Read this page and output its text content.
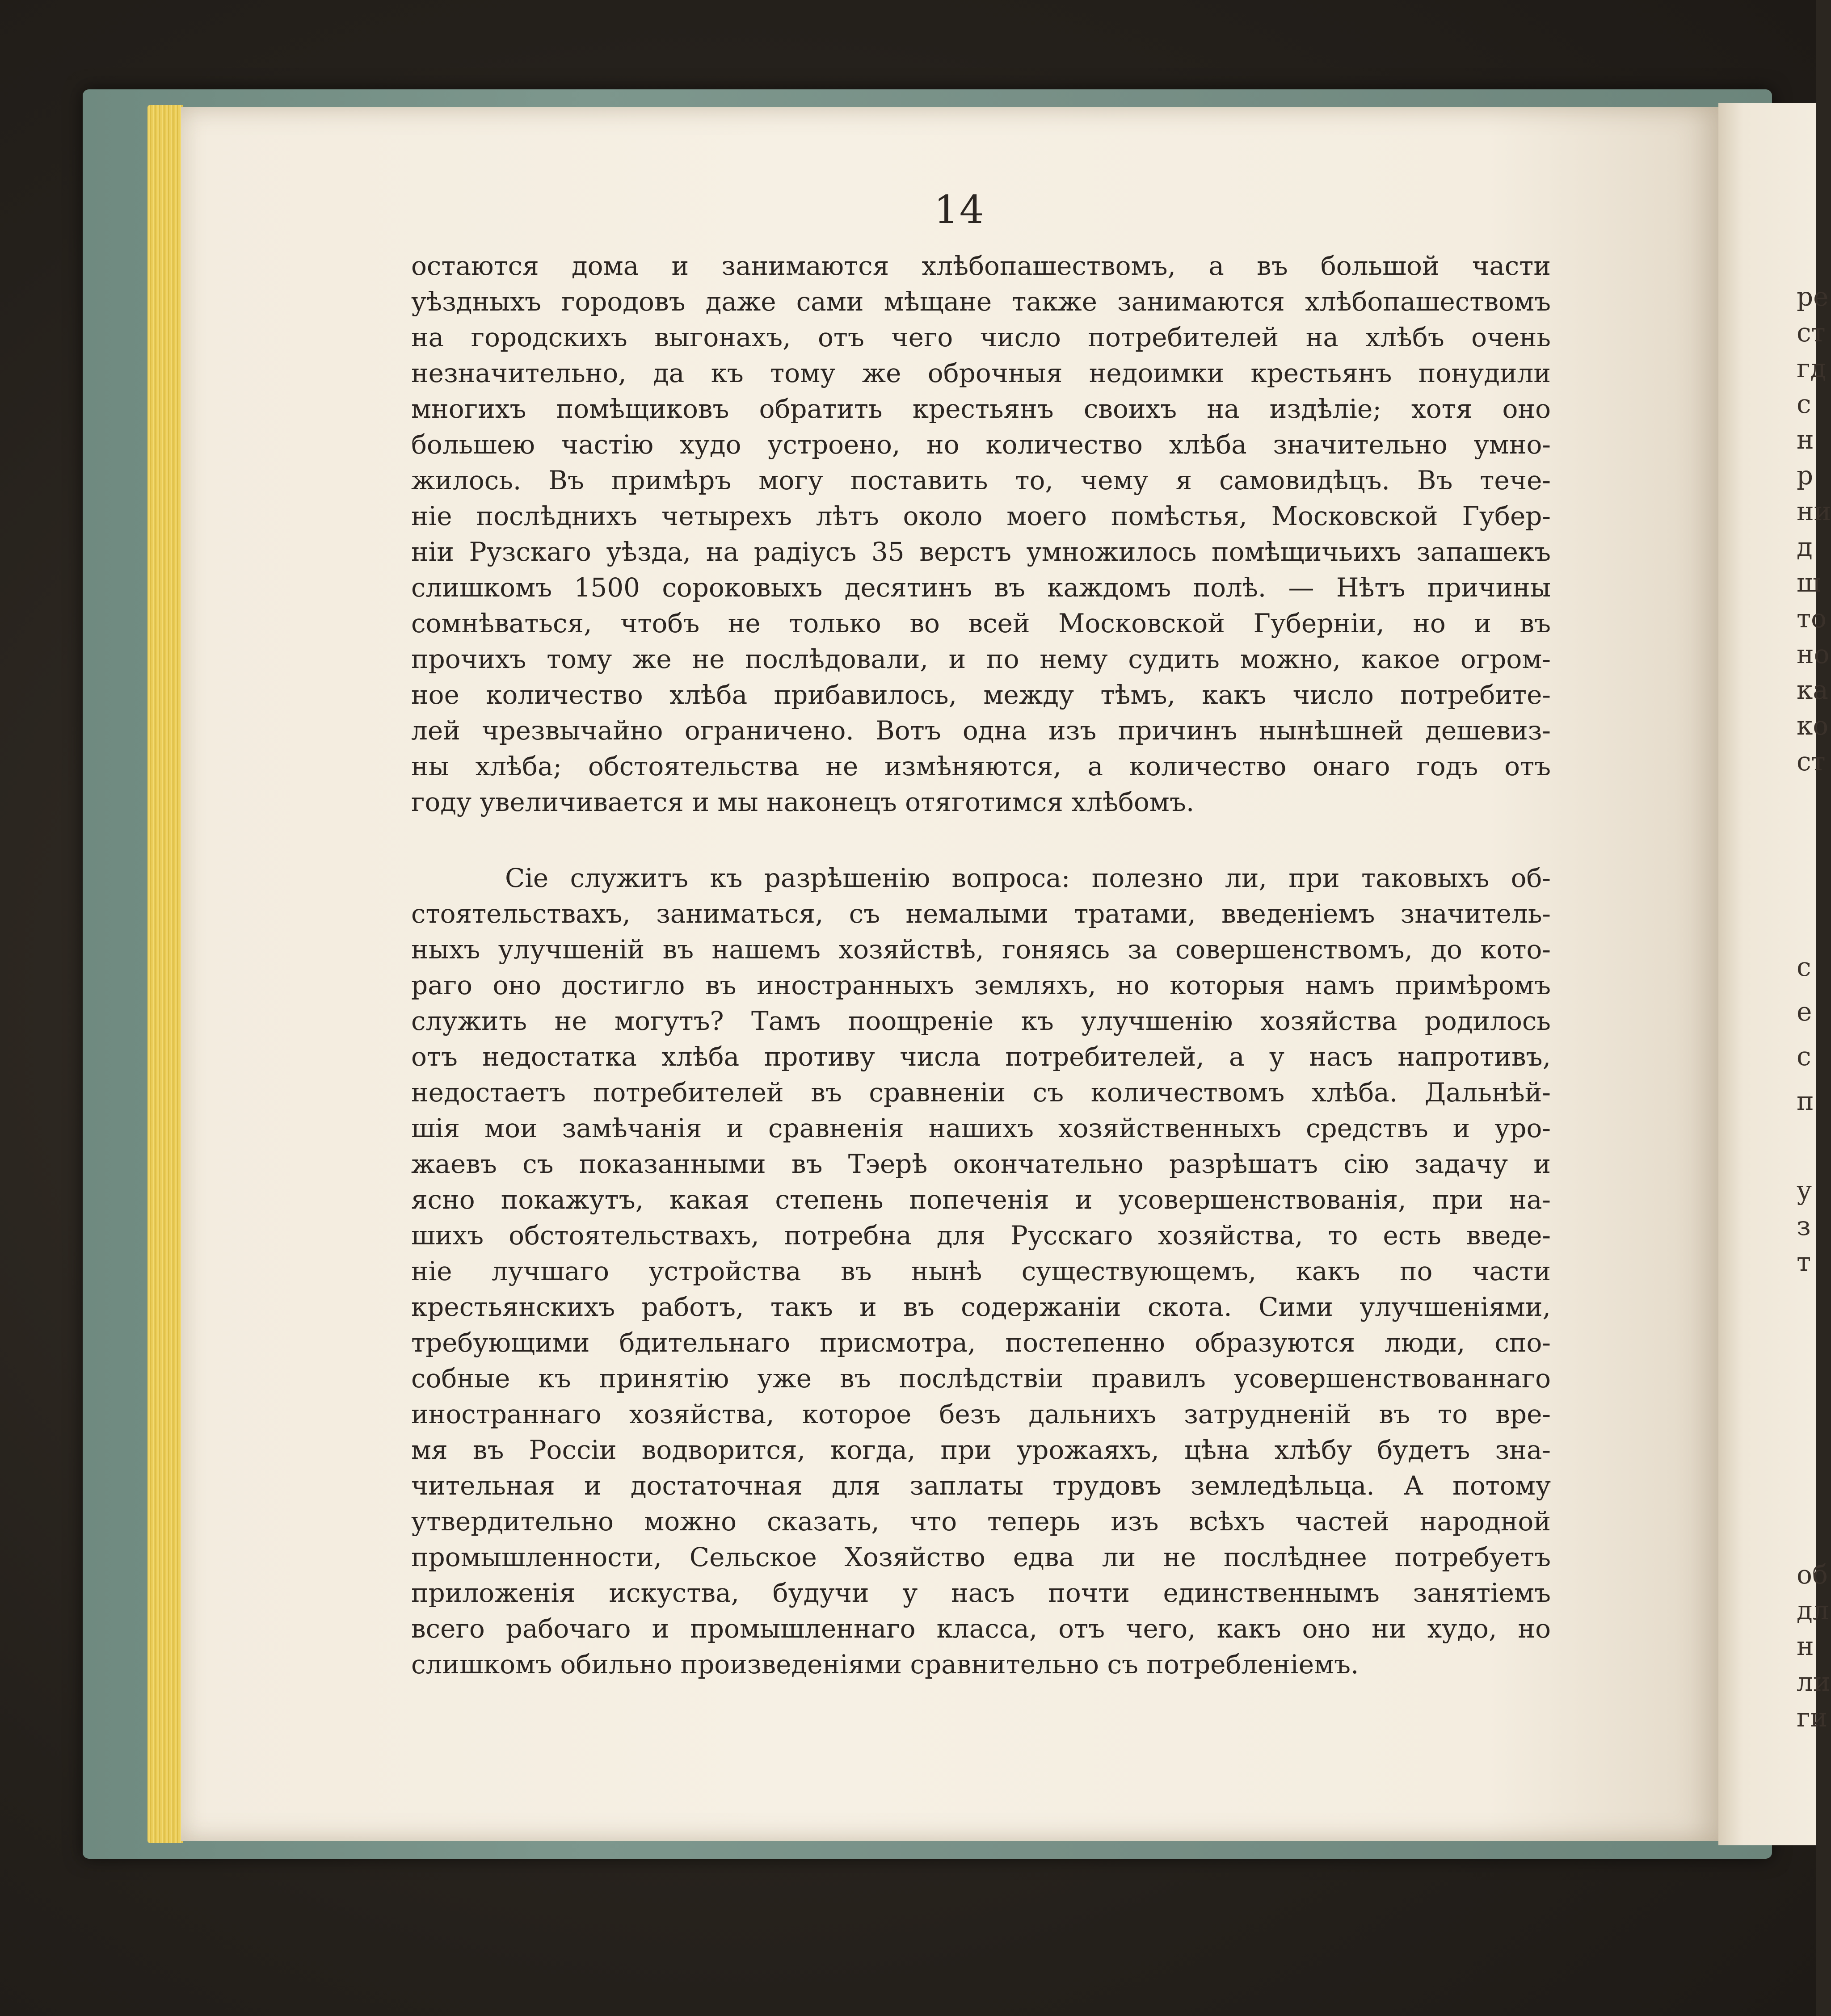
ре
ст
гд
с
н
р
ни
д
ш
то
но
ка
ко
ст
с
е
с
п
у
з
т
об
дл
н
ли
ги
14
остаются дома и занимаются хлѣбопашествомъ, а въ большой части
уѣздныхъ городовъ даже сами мѣщане также занимаются хлѣбопашествомъ
на городскихъ выгонахъ, отъ чего число потребителей на хлѣбъ очень
незначительно, да къ тому же оброчныя недоимки крестьянъ понудили
многихъ помѣщиковъ обратить крестьянъ своихъ на издѣліе; хотя оно
большею частію худо устроено, но количество хлѣба значительно умно-
жилось. Въ примѣръ могу поставить то, чему я самовидѣцъ. Въ тече-
ніе послѣднихъ четырехъ лѣтъ около моего помѣстья, Московской Губер-
ніи Рузскаго уѣзда, на радіусъ 35 верстъ умножилось помѣщичьихъ запашекъ
слишкомъ 1500 сороковыхъ десятинъ въ каждомъ полѣ. — Нѣтъ причины
сомнѣваться, чтобъ не только во всей Московской Губерніи, но и въ
прочихъ тому же не послѣдовали, и по нему судить можно, какое огром-
ное количество хлѣба прибавилось, между тѣмъ, какъ число потребите-
лей чрезвычайно ограничено. Вотъ одна изъ причинъ нынѣшней дешевиз-
ны хлѣба; обстоятельства не измѣняются, а количество онаго годъ отъ
году увеличивается и мы наконецъ отяготимся хлѣбомъ.
Сіе служитъ къ разрѣшенію вопроса: полезно ли, при таковыхъ об-
стоятельствахъ, заниматься, съ немалыми тратами, введеніемъ значитель-
ныхъ улучшеній въ нашемъ хозяйствѣ, гоняясь за совершенствомъ, до кото-
раго оно достигло въ иностранныхъ земляхъ, но которыя намъ примѣромъ
служить не могутъ? Тамъ поощреніе къ улучшенію хозяйства родилось
отъ недостатка хлѣба противу числа потребителей, а у насъ напротивъ,
недостаетъ потребителей въ сравненіи съ количествомъ хлѣба. Дальнѣй-
шія мои замѣчанія и сравненія нашихъ хозяйственныхъ средствъ и уро-
жаевъ съ показанными въ Тэерѣ окончательно разрѣшатъ сію задачу и
ясно покажутъ, какая степень попеченія и усовершенствованія, при на-
шихъ обстоятельствахъ, потребна для Русскаго хозяйства, то есть введе-
ніе лучшаго устройства въ нынѣ существующемъ, какъ по части
крестьянскихъ работъ, такъ и въ содержаніи скота. Сими улучшеніями,
требующими бдительнаго присмотра, постепенно образуются люди, спо-
собные къ принятію уже въ послѣдствіи правилъ усовершенствованнаго
иностраннаго хозяйства, которое безъ дальнихъ затрудненій въ то вре-
мя въ Россіи водворится, когда, при урожаяхъ, цѣна хлѣбу будетъ зна-
чительная и достаточная для заплаты трудовъ земледѣльца. А потому
утвердительно можно сказать, что теперь изъ всѣхъ частей народной
промышленности, Сельское Хозяйство едва ли не послѣднее потребуетъ
приложенія искуства, будучи у насъ почти единственнымъ занятіемъ
всего рабочаго и промышленнаго класса, отъ чего, какъ оно ни худо, но
слишкомъ обильно произведеніями сравнительно съ потребленіемъ.
